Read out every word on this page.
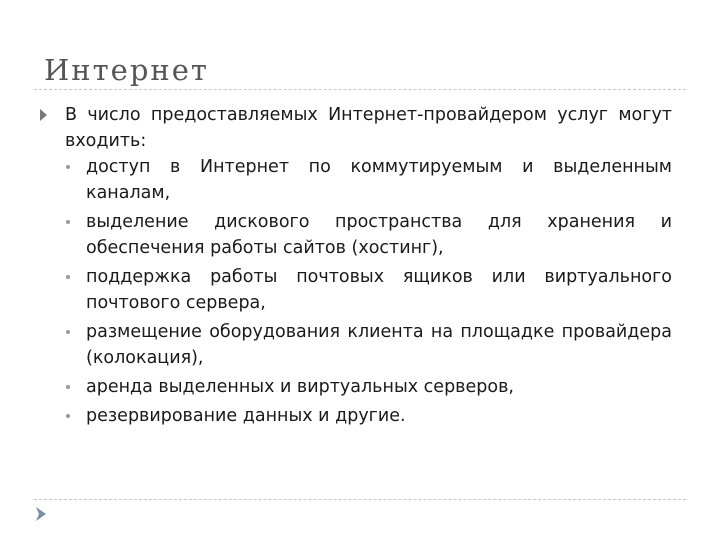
Интернет
В число предоставляемых Интернет-провайдером услуг могут входить:
доступ в Интернет по коммутируемым и выделенным каналам,
выделение дискового пространства для хранения и обеспечения работы сайтов (хостинг),
поддержка работы почтовых ящиков или виртуального почтового сервера,
размещение оборудования клиента на площадке провайдера (колокация),
аренда выделенных и виртуальных серверов,
резервирование данных и другие.
